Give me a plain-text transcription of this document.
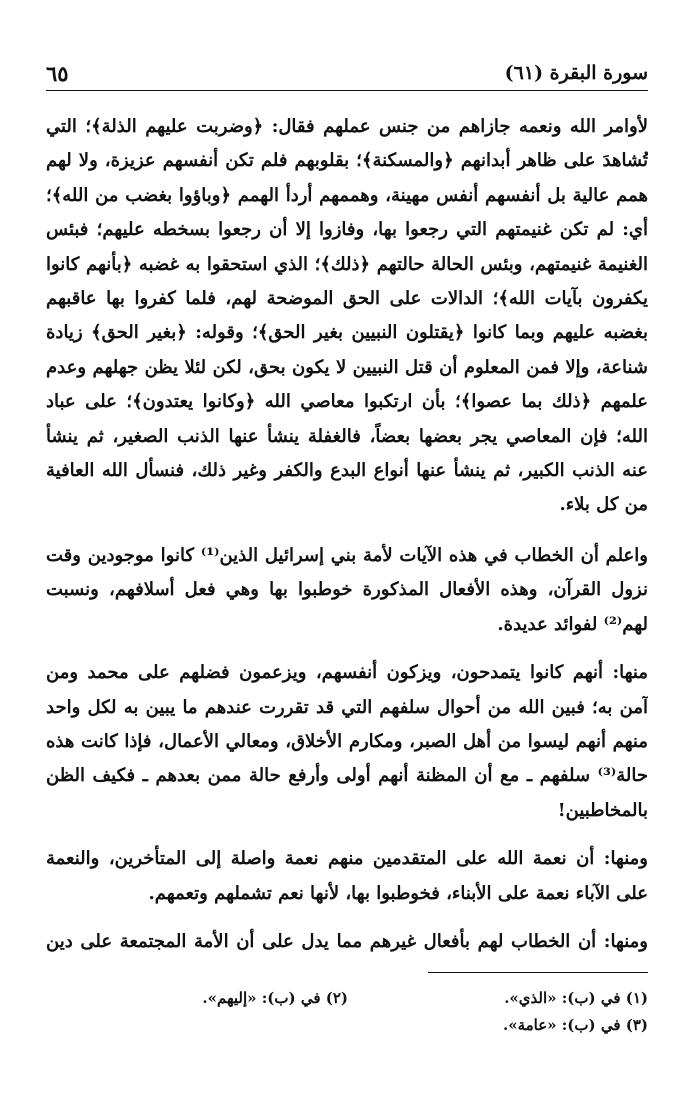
سورة البقرة (٦١)
٦٥

لأوامر الله ونعمه جازاهم من جنس عملهم فقال: ﴿وضربت عليهم الذلة﴾؛ التي تُشاهدَ على ظاهر أبدانهم ﴿والمسكنة﴾؛ بقلوبهم فلم تكن أنفسهم عزيزة، ولا لهم همم عالية بل أنفسهم أنفس مهينة، وهممهم أردأ الهمم ﴿وباؤوا بغضب من الله﴾؛ أي: لم تكن غنيمتهم التي رجعوا بها، وفازوا إلا أن رجعوا بسخطه عليهم؛ فبئس الغنيمة غنيمتهم، وبئس الحالة حالتهم ﴿ذلك﴾؛ الذي استحقوا به غضبه ﴿بأنهم كانوا يكفرون بآيات الله﴾؛ الدالات على الحق الموضحة لهم، فلما كفروا بها عاقبهم بغضبه عليهم وبما كانوا ﴿يقتلون النبيين بغير الحق﴾؛ وقوله: ﴿بغير الحق﴾ زيادة شناعة، وإلا فمن المعلوم أن قتل النبيين لا يكون بحق، لكن لئلا يظن جهلهم وعدم علمهم ﴿ذلك بما عصوا﴾؛ بأن ارتكبوا معاصي الله ﴿وكانوا يعتدون﴾؛ على عباد الله؛ فإن المعاصي يجر بعضها بعضاً، فالغفلة ينشأ عنها الذنب الصغير، ثم ينشأ عنه الذنب الكبير، ثم ينشأ عنها أنواع البدع والكفر وغير ذلك، فنسأل الله العافية من كل بلاء.

واعلم أن الخطاب في هذه الآيات لأمة بني إسرائيل الذين⁽¹⁾ كانوا موجودين وقت نزول القرآن، وهذه الأفعال المذكورة خوطبوا بها وهي فعل أسلافهم، ونسبت لهم⁽²⁾ لفوائد عديدة.

منها: أنهم كانوا يتمدحون، ويزكون أنفسهم، ويزعمون فضلهم على محمد ومن آمن به؛ فبين الله من أحوال سلفهم التي قد تقررت عندهم ما يبين به لكل واحد منهم أنهم ليسوا من أهل الصبر، ومكارم الأخلاق، ومعالي الأعمال، فإذا كانت هذه حالة⁽³⁾ سلفهم ـ مع أن المظنة أنهم أولى وأرفع حالة ممن بعدهم ـ فكيف الظن بالمخاطبين!

ومنها: أن نعمة الله على المتقدمين منهم نعمة واصلة إلى المتأخرين، والنعمة على الآباء نعمة على الأبناء، فخوطبوا بها، لأنها نعم تشملهم وتعمهم.

ومنها: أن الخطاب لهم بأفعال غيرهم مما يدل على أن الأمة المجتمعة على دين

(١) في (ب): «الذي».
(٢) في (ب): «إليهم».
(٣) في (ب): «عامة».
